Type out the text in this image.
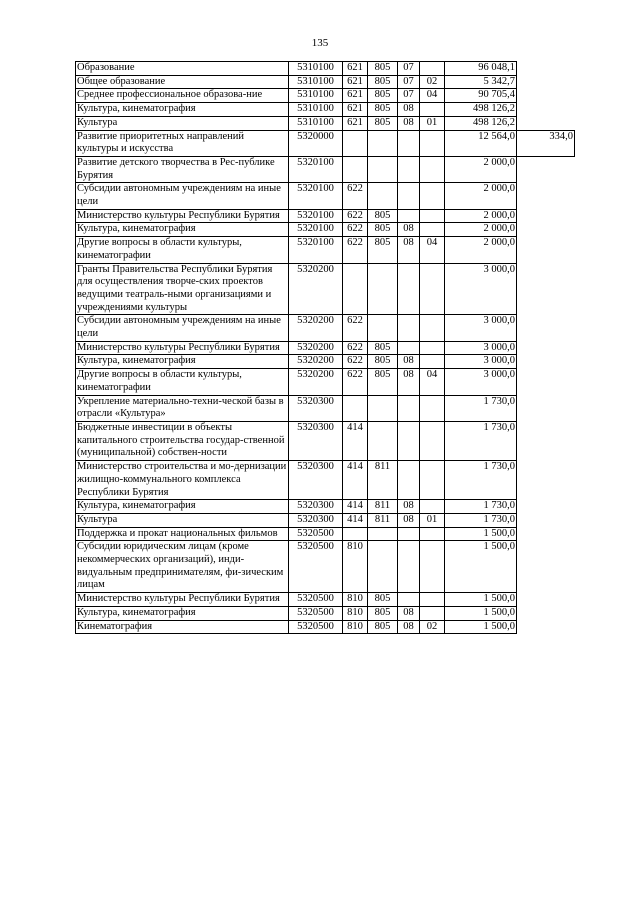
135
Образование	5310100	621	805	07		96 048,1	
Общее образование	5310100	621	805	07	02	5 342,7	
Среднее профессиональное образова-ние	5310100	621	805	07	04	90 705,4	
Культура, кинематография	5310100	621	805	08		498 126,2	
Культура	5310100	621	805	08	01	498 126,2	
Развитие приоритетных направлений культуры и искусства	5320000					12 564,0	334,0
Развитие детского творчества в Рес-публике Бурятия	5320100					2 000,0	
Субсидии автономным учреждениям на иные цели	5320100	622				2 000,0	
Министерство культуры Республики Бурятия	5320100	622	805			2 000,0	
Культура, кинематография	5320100	622	805	08		2 000,0	
Другие вопросы в области культуры, кинематографии	5320100	622	805	08	04	2 000,0	
Гранты Правительства Республики Бурятия для осуществления творче-ских проектов ведущими театраль-ными организациями и учреждениями культуры	5320200					3 000,0	
Субсидии автономным учреждениям на иные цели	5320200	622				3 000,0	
Министерство культуры Республики Бурятия	5320200	622	805			3 000,0	
Культура, кинематография	5320200	622	805	08		3 000,0	
Другие вопросы в области культуры, кинематографии	5320200	622	805	08	04	3 000,0	
Укрепление материально-техни-ческой базы в отрасли «Культура»	5320300					1 730,0	
Бюджетные инвестиции в объекты капитального строительства государ-ственной (муниципальной) собствен-ности	5320300	414				1 730,0	
Министерство строительства и мо-дернизации жилищно-коммунального комплекса Республики Бурятия	5320300	414	811			1 730,0	
Культура, кинематография	5320300	414	811	08		1 730,0	
Культура	5320300	414	811	08	01	1 730,0	
Поддержка и прокат национальных фильмов	5320500					1 500,0	
Субсидии юридическим лицам (кроме некоммерческих организаций), инди-видуальным предпринимателям, фи-зическим лицам	5320500	810				1 500,0	
Министерство культуры Республики Бурятия	5320500	810	805			1 500,0	
Культура, кинематография	5320500	810	805	08		1 500,0	
Кинематография	5320500	810	805	08	02	1 500,0	
